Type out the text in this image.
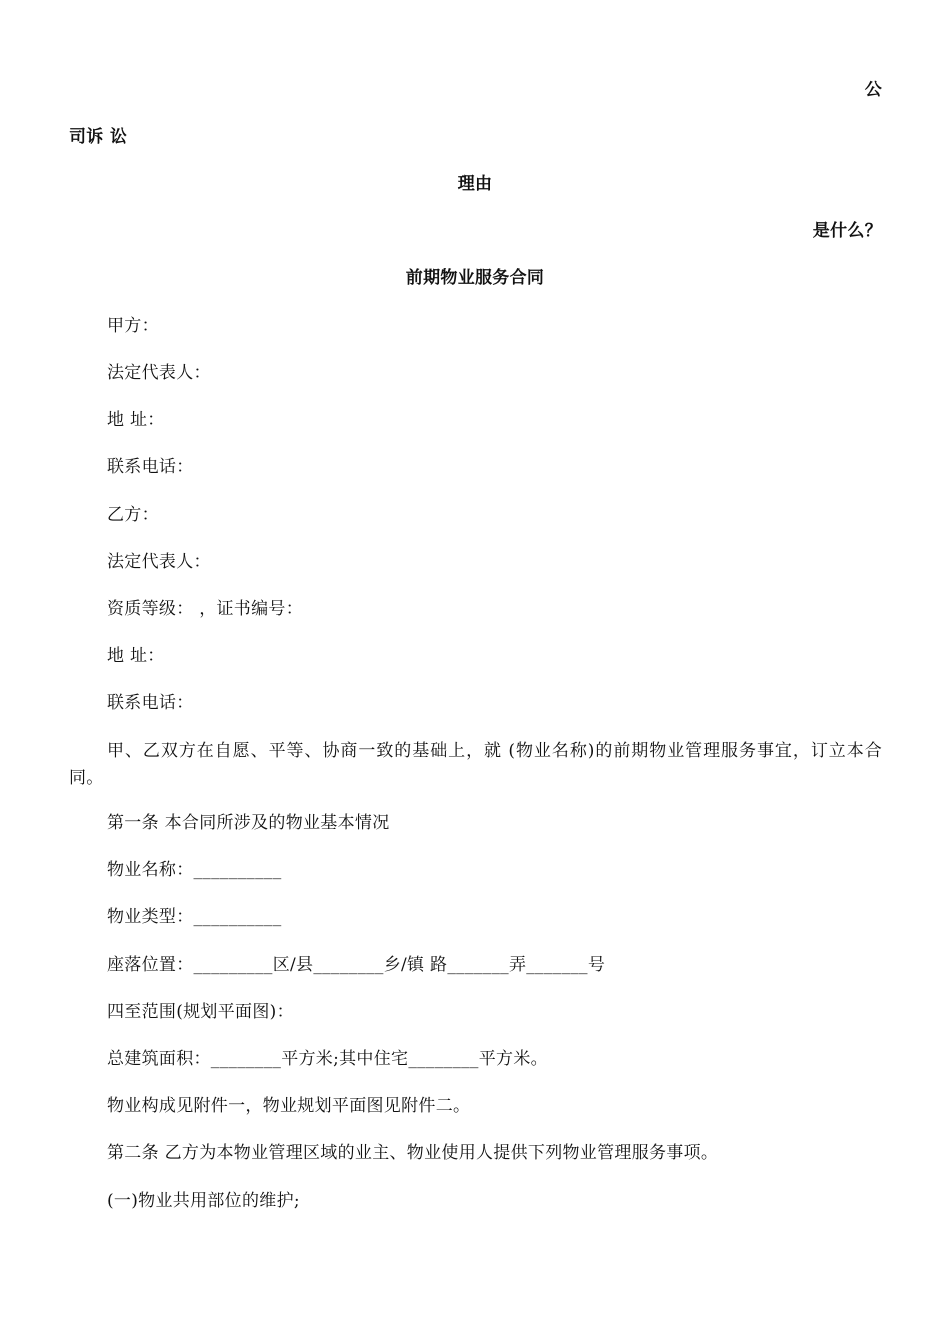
公
司诉 讼
理由
是什么？
前期物业服务合同
甲方：
法定代表人：
地 址：
联系电话：
乙方：
法定代表人：
资质等级： ，证书编号：
地 址：
联系电话：
甲、乙双方在自愿、平等、协商一致的基础上，就 (物业名称)的前期物业管理服务事宜，订立本合同。
第一条 本合同所涉及的物业基本情况
物业名称：__________
物业类型：__________
座落位置：_________区/县________乡/镇 路_______弄_______号
四至范围(规划平面图)：
总建筑面积：________平方米;其中住宅________平方米。
物业构成见附件一，物业规划平面图见附件二。
第二条 乙方为本物业管理区域的业主、物业使用人提供下列物业管理服务事项。
(一)物业共用部位的维护;
